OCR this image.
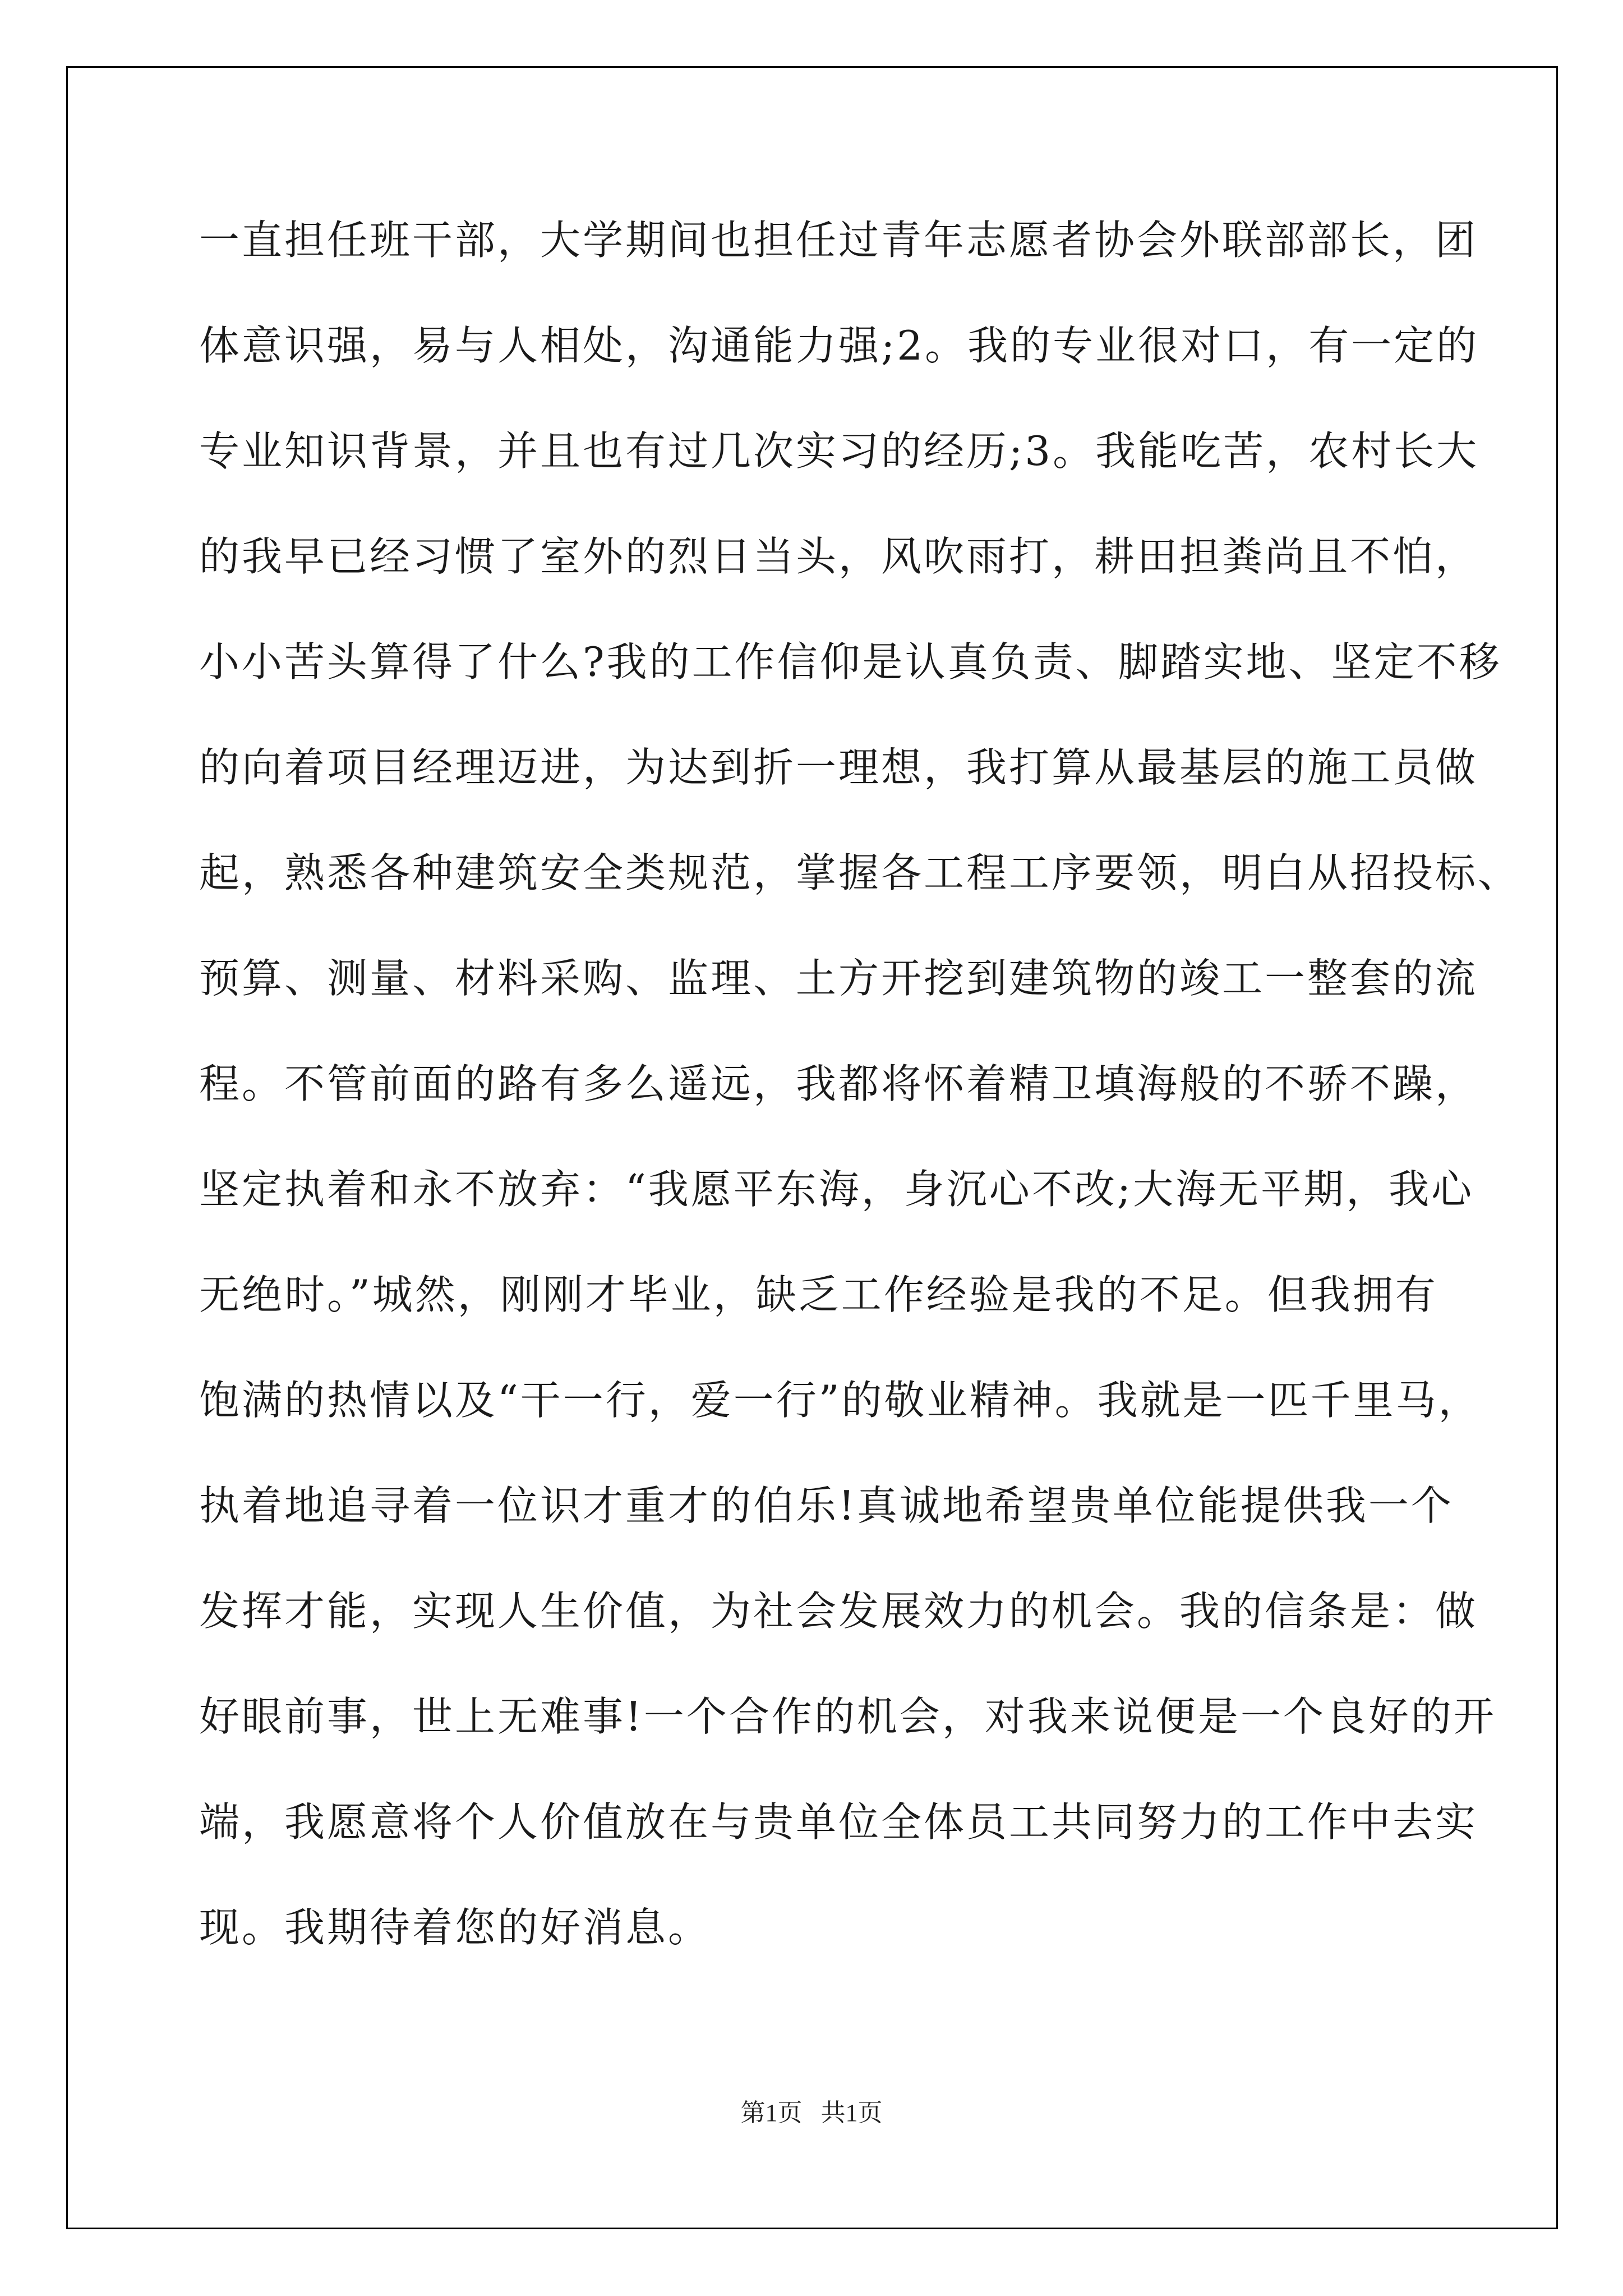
一直担任班干部，大学期间也担任过青年志愿者协会外联部部长，团
体意识强，易与人相处，沟通能力强;2。我的专业很对口，有一定的
专业知识背景，并且也有过几次实习的经历;3。我能吃苦，农村长大
的我早已经习惯了室外的烈日当头，风吹雨打，耕田担粪尚且不怕，
小小苦头算得了什么?我的工作信仰是认真负责、脚踏实地、坚定不移
的向着项目经理迈进，为达到折一理想，我打算从最基层的施工员做
起，熟悉各种建筑安全类规范，掌握各工程工序要领，明白从招投标、
预算、测量、材料采购、监理、土方开挖到建筑物的竣工一整套的流
程。不管前面的路有多么遥远，我都将怀着精卫填海般的不骄不躁，
坚定执着和永不放弃：“我愿平东海，身沉心不改;大海无平期，我心
无绝时。”城然，刚刚才毕业，缺乏工作经验是我的不足。但我拥有
饱满的热情以及“干一行，爱一行”的敬业精神。我就是一匹千里马，
执着地追寻着一位识才重才的伯乐!真诚地希望贵单位能提供我一个
发挥才能，实现人生价值，为社会发展效力的机会。我的信条是：做
好眼前事，世上无难事!一个合作的机会，对我来说便是一个良好的开
端，我愿意将个人价值放在与贵单位全体员工共同努力的工作中去实
现。我期待着您的好消息。
第1页   共1页
